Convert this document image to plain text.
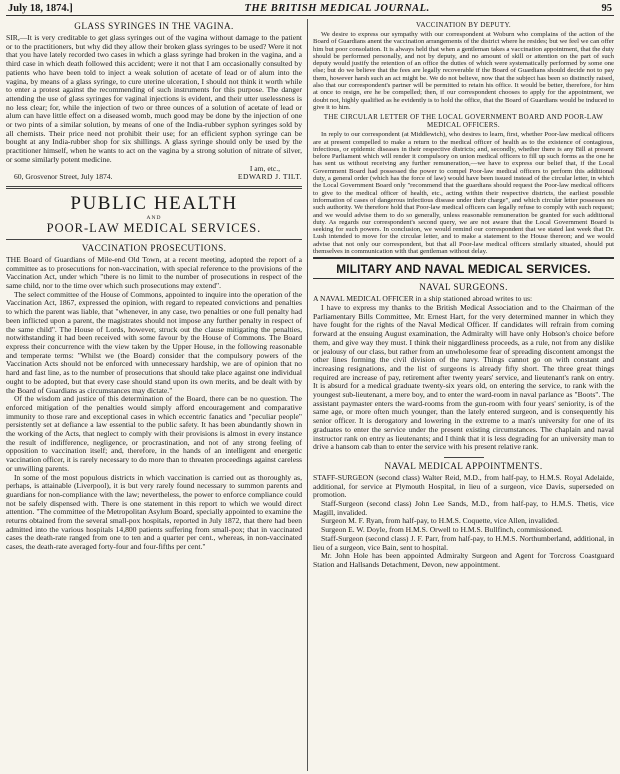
July 18, 1874.]	THE BRITISH MEDICAL JOURNAL.	95
GLASS SYRINGES IN THE VAGINA.

SIR,—It is very creditable to get glass syringes out of the vagina without damage to the patient or to the practitioners, but why did they allow their broken glass syringes to be used? Were it not that you have lately recorded two cases in which a glass syringe had broken in the vagina, and a third case in which death followed this accident; were it not that I am occasionally consulted by patients who have been told to inject a weak solution of acetate of lead or of alum into the vagina, by means of a glass syringe, to cure uterine ulceration, I should not think it worth while to enter a protest against the recommending of such instruments for this purpose. The danger attending the use of glass syringes for vaginal injections is evident, and their utter uselessness is no less clear; for, while the injection of two or three ounces of a solution of acetate of lead or alum can have little effect on a diseased womb, much good may be done by the injection of one or two pints of a similar solution, by means of one of the India-rubber syphon syringes sold by all chemists. Their price need not prohibit their use; for an efficient syphon syringe can be bought at any India-rubber shop for six shillings. A glass syringe should only be used by the practitioner himself, when he wants to act on the vagina by a strong solution of nitrate of silver, or some similarly potent medicine.

I am, etc.,
60, Grosvenor Street, July 1874.	EDWARD J. TILT.
PUBLIC HEALTH
AND
POOR-LAW MEDICAL SERVICES.
VACCINATION PROSECUTIONS.

THE Board of Guardians of Mile-end Old Town, at a recent meeting, adopted the report of a committee as to prosecutions for non-vaccination, with special reference to the provisions of the Vaccination Act, under which "there is no limit to the number of prosecutions in respect of the same child, nor to the time over which such prosecutions may extend".

The select committee of the House of Commons, appointed to inquire into the operation of the Vaccination Act, 1867, expressed the opinion, with regard to repeated convictions and penalties to which the parent was liable, that "whenever, in any case, two penalties or one full penalty had been inflicted upon a parent, the magistrates should not impose any further penalty in respect of the same child". The House of Lords, however, struck out the clause mitigating the penalties, notwithstanding it had been received with some favour by the House of Commons. The Board express their concurrence with the view taken by the Upper House, in the following reasonable and temperate terms: "Whilst we (the Board) consider that the compulsory powers of the Vaccination Acts should not be enforced with unnecessary hardship, we are of opinion that no hard and fast line, as to the number of prosecutions that should take place against one individual ought to be adopted, but that every case should stand upon its own merits, and be dealt with by the Board of Guardians as circumstances may dictate."

Of the wisdom and justice of this determination of the Board, there can be no question. The enforced mitigation of the penalties would simply afford encouragement and comparative immunity to those rare and exceptional cases in which eccentric fanatics and "peculiar people" persistently set at defiance a law essential to the public safety. It has been abundantly shown in the working of the Acts, that neglect to comply with their provisions is almost in every instance the result of indifference, negligence, or procrastination, and not of any strong feeling of opposition to vaccination itself; and, therefore, in the hands of an intelligent and energetic vaccination officer, it is rarely necessary to do more than to threaten proceedings against careless or unwilling parents.

In some of the most populous districts in which vaccination is carried out as thoroughly as, perhaps, is attainable (Liverpool), it is but very rarely found necessary to summon parents and guardians for non-compliance with the law; nevertheless, the power to enforce compliance could not be safely dispensed with. There is one statement in this report to which we would direct attention. "The committee of the Metropolitan Asylum Board, specially appointed to examine the returns obtained from the several small-pox hospitals, reported in July 1872, that there had been admitted into the various hospitals 14,800 patients suffering from small-pox; that in vaccinated cases the death-rate ranged from one to ten and a quarter per cent., whereas, in non-vaccinated cases, the death-rate averaged forty-four and four-fifths per cent."

VACCINATION BY DEPUTY.

We desire to express our sympathy with our correspondent at Woburn who complains of the action of the Board of Guardians anent the vaccination arrangements of the district where he resides; but we feel we can offer him but poor consolation. It is always held that when a gentleman takes a vaccination appointment, that the duty should be performed personally, and not by deputy, and no amount of skill or attention on the part of such deputy would justify the retention of an office the duties of which were systematically performed by some one else; but do we believe that the fees are legally recoverable if the Board of Guardians should decide not to pay them, however harsh such an act might be. We do not believe, now that the subject has been so distinctly raised, also that our correspondent's partner will be permitted to retain his office. It would be better, therefore, for him at once to resign, ere he be compelled; then, if our correspondent chooses to apply for the appointment, we doubt not, highly qualified as he evidently is to hold the office, that the Board of Guardians would be induced to give it to him.

THE CIRCULAR LETTER OF THE LOCAL GOVERNMENT BOARD AND POOR-LAW MEDICAL OFFICERS.

In reply to our correspondent (at Middlewich), who desires to learn, first, whether Poor-law medical officers are at present compelled to make a return to the medical officer of health as to the existence of contagious, infectious, or epidemic diseases in their respective districts; and, secondly, whether there is any Bill at present before Parliament which will render it compulsory on union medical officers to fill up such forms as the one he has sent us without receiving any further remuneration,—we have to express our belief that, if the Local Government Board had possessed the power to compel Poor-law medical officers to perform this additional duty, a general order (which has the force of law) would have been issued instead of the circular letter, in which the Local Government Board only "recommend that the guardians should request the Poor-law medical officers to give to the medical officer of health, etc., acting within their respective districts, the earliest possible information of cases of dangerous infectious disease under their charge", and which circular letter possesses no such authority. We therefore hold that Poor-law medical officers can legally refuse to comply with such request; and we would advise them to do so generally, unless reasonable remuneration be granted for such additional duty. As regards our correspondent's second query, we are not aware that the Local Government Board is seeking for such powers. In conclusion, we would remind our correspondent that we stated last week that Dr. Lush intended to move for the circular letter, and to make a statement to the House thereon; and we would advise that not only our correspondent, but that all Poor-law medical officers similarly situated, should put themselves in communication with that gentleman without delay.

MILITARY AND NAVAL MEDICAL SERVICES.
NAVAL SURGEONS.

A NAVAL MEDICAL OFFICER in a ship stationed abroad writes to us:

I have to express my thanks to the British Medical Association and to the Chairman of the Parliamentary Bills Committee, Mr. Ernest Hart, for the very determined manner in which they have fought for the rights of the Naval Medical Officer. If candidates will refrain from coming forward at the ensuing August examination, the Admiralty will have only Hobson's choice before them, and give way they must. I think their niggardliness proceeds, as a rule, not from any dislike or jealousy of our class, but rather from an unwholesome fear of spreading discontent amongst the other lines forming the civil division of the navy. Things cannot go on with constant and increasing resignations, and the list of surgeons is already fifty short. The three great things required are increase of pay, retirement after twenty years' service, and lieutenant's rank on entry. It is absurd for a medical graduate twenty-six years old, on entering the service, to rank with the youngest sub-lieutenant, a mere boy, and to enter the ward-room in naval parlance as "Boots". The assistant paymaster enters the ward-rooms from the gun-room with four years' seniority, is of the same age, or more often much younger, than the lately entered surgeon, and is consequently his senior officer. It is derogatory and lowering in the extreme to a man's university for one of its graduates to enter the service under the present existing circumstances. The chaplain and naval instructor rank on entry as lieutenants; and I think that it is less degrading for an university man to drive a hansom cab than to enter the service with his present relative rank.

NAVAL MEDICAL APPOINTMENTS.

STAFF-SURGEON (second class) Walter Reid, M.D., from half-pay, to H.M.S. Royal Adelaide, additional, for service at Plymouth Hospital, in lieu of a surgeon, vice Davis, superseded on promotion.

Staff-Surgeon (second class) John Lee Sands, M.D., from half-pay, to H.M.S. Thetis, vice Magill, invalided.

Surgeon M. F. Ryan, from half-pay, to H.M.S. Coquette, vice Allen, invalided.

Surgeon E. W. Doyle, from H.M.S. Orwell to H.M.S. Bullfinch, commissioned.

Staff-Surgeon (second class) J. F. Parr, from half-pay, to H.M.S. Northumberland, additional, in lieu of a surgeon, vice Bain, sent to hospital.

Mr. John Hole has been appointed Admiralty Surgeon and Agent for Torcross Coastguard Station and Hallsands Detachment, Devon, new appointment.
